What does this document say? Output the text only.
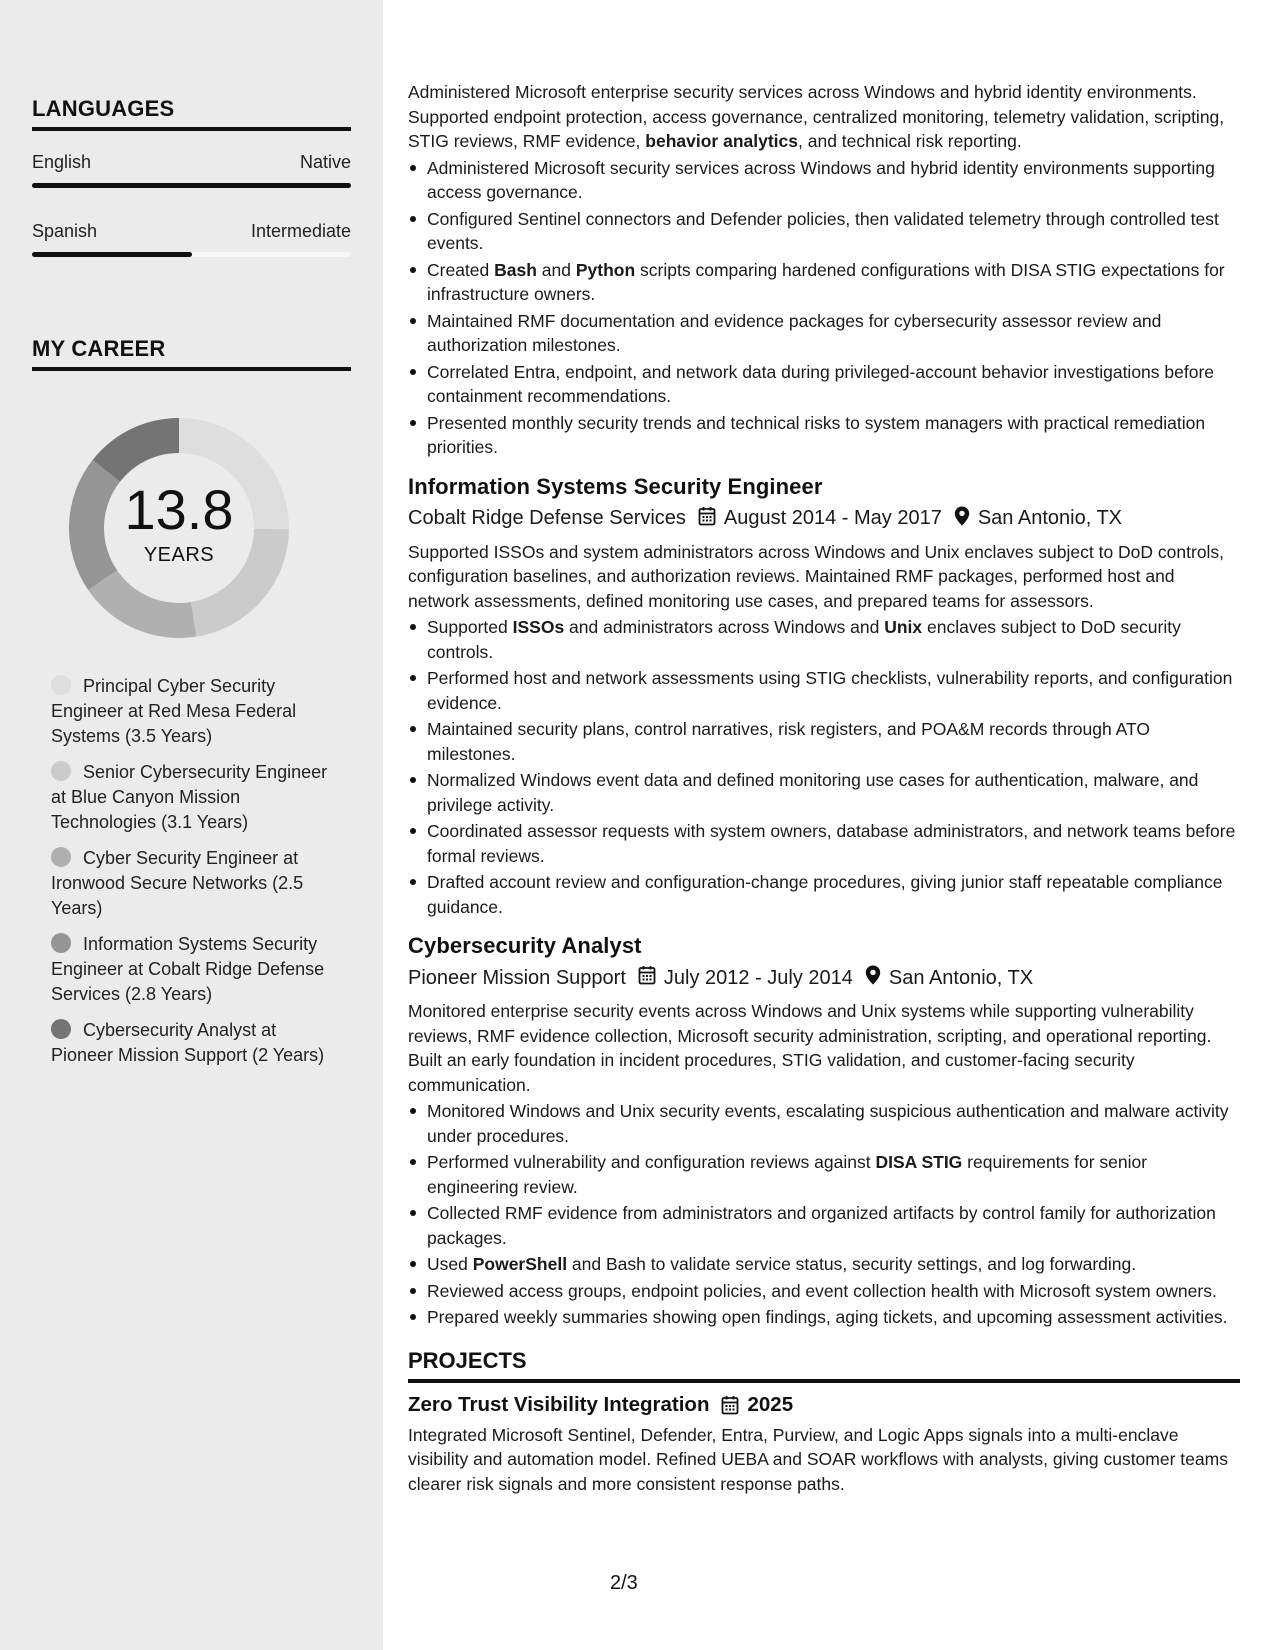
LANGUAGES
English	Native
Spanish	Intermediate
MY CAREER
13.8
YEARS
Principal Cyber Security Engineer at Red Mesa Federal Systems (3.5 Years)
Senior Cybersecurity Engineer at Blue Canyon Mission Technologies (3.1 Years)
Cyber Security Engineer at Ironwood Secure Networks (2.5 Years)
Information Systems Security Engineer at Cobalt Ridge Defense Services (2.8 Years)
Cybersecurity Analyst at Pioneer Mission Support (2 Years)

Administered Microsoft enterprise security services across Windows and hybrid identity environments. Supported endpoint protection, access governance, centralized monitoring, telemetry validation, scripting, STIG reviews, RMF evidence, behavior analytics, and technical risk reporting.

Administered Microsoft security services across Windows and hybrid identity environments supporting access governance.
Configured Sentinel connectors and Defender policies, then validated telemetry through controlled test events.
Created Bash and Python scripts comparing hardened configurations with DISA STIG expectations for infrastructure owners.
Maintained RMF documentation and evidence packages for cybersecurity assessor review and authorization milestones.
Correlated Entra, endpoint, and network data during privileged-account behavior investigations before containment recommendations.
Presented monthly security trends and technical risks to system managers with practical remediation priorities.
Information Systems Security Engineer
Cobalt Ridge Defense Services August 2014 - May 2017 San Antonio, TX

Supported ISSOs and system administrators across Windows and Unix enclaves subject to DoD controls, configuration baselines, and authorization reviews. Maintained RMF packages, performed host and network assessments, defined monitoring use cases, and prepared teams for assessors.

Supported ISSOs and administrators across Windows and Unix enclaves subject to DoD security controls.
Performed host and network assessments using STIG checklists, vulnerability reports, and configuration evidence.
Maintained security plans, control narratives, risk registers, and POA&M records through ATO milestones.
Normalized Windows event data and defined monitoring use cases for authentication, malware, and privilege activity.
Coordinated assessor requests with system owners, database administrators, and network teams before formal reviews.
Drafted account review and configuration-change procedures, giving junior staff repeatable compliance guidance.
Cybersecurity Analyst
Pioneer Mission Support July 2012 - July 2014 San Antonio, TX

Monitored enterprise security events across Windows and Unix systems while supporting vulnerability reviews, RMF evidence collection, Microsoft security administration, scripting, and operational reporting. Built an early foundation in incident procedures, STIG validation, and customer-facing security communication.

Monitored Windows and Unix security events, escalating suspicious authentication and malware activity under procedures.
Performed vulnerability and configuration reviews against DISA STIG requirements for senior engineering review.
Collected RMF evidence from administrators and organized artifacts by control family for authorization packages.
Used PowerShell and Bash to validate service status, security settings, and log forwarding.
Reviewed access groups, endpoint policies, and event collection health with Microsoft system owners.
Prepared weekly summaries showing open findings, aging tickets, and upcoming assessment activities.
PROJECTS
Zero Trust Visibility Integration 2025

Integrated Microsoft Sentinel, Defender, Entra, Purview, and Logic Apps signals into a multi-enclave visibility and automation model. Refined UEBA and SOAR workflows with analysts, giving customer teams clearer risk signals and more consistent response paths.

2/3
